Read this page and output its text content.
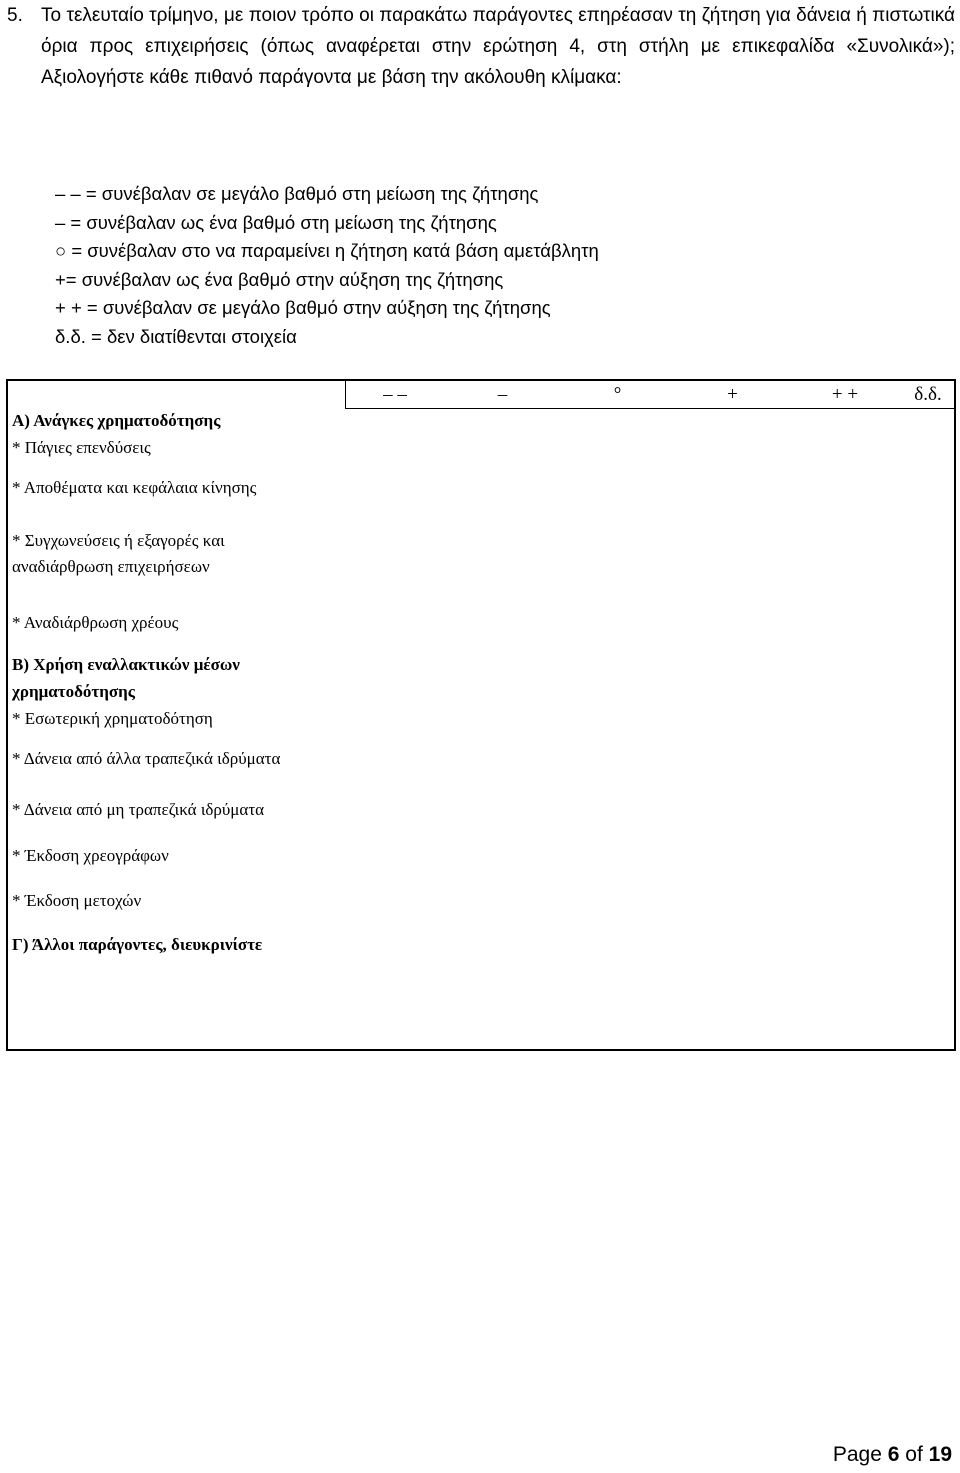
5. Το τελευταίο τρίμηνο, με ποιον τρόπο οι παρακάτω παράγοντες επηρέασαν τη ζήτηση για δάνεια ή πιστωτικά όρια προς επιχειρήσεις (όπως αναφέρεται στην ερώτηση 4, στη στήλη με επικεφαλίδα «Συνολικά»); Αξιολογήστε κάθε πιθανό παράγοντα με βάση την ακόλουθη κλίμακα:
– – = συνέβαλαν σε μεγάλο βαθμό στη μείωση της ζήτησης
– = συνέβαλαν ως ένα βαθμό στη μείωση της ζήτησης
○ = συνέβαλαν στο να παραμείνει η ζήτηση κατά βάση αμετάβλητη
+= συνέβαλαν ως ένα βαθμό στην αύξηση της ζήτησης
+ + = συνέβαλαν σε μεγάλο βαθμό στην αύξηση της ζήτησης
δ.δ. = δεν διατίθενται στοιχεία
– –	–	°	+	+ +	δ.δ.
Α) Ανάγκες χρηματοδότησης
* Πάγιες επενδύσεις
* Αποθέματα και κεφάλαια κίνησης
* Συγχωνεύσεις ή εξαγορές και
αναδιάρθρωση επιχειρήσεων
* Αναδιάρθρωση χρέους
Β) Χρήση εναλλακτικών μέσων
χρηματοδότησης
* Εσωτερική χρηματοδότηση
* Δάνεια από άλλα τραπεζικά ιδρύματα
* Δάνεια από μη τραπεζικά ιδρύματα
* Έκδοση χρεογράφων
* Έκδοση μετοχών
Γ) Άλλοι παράγοντες, διευκρινίστε
Page 6 of 19
